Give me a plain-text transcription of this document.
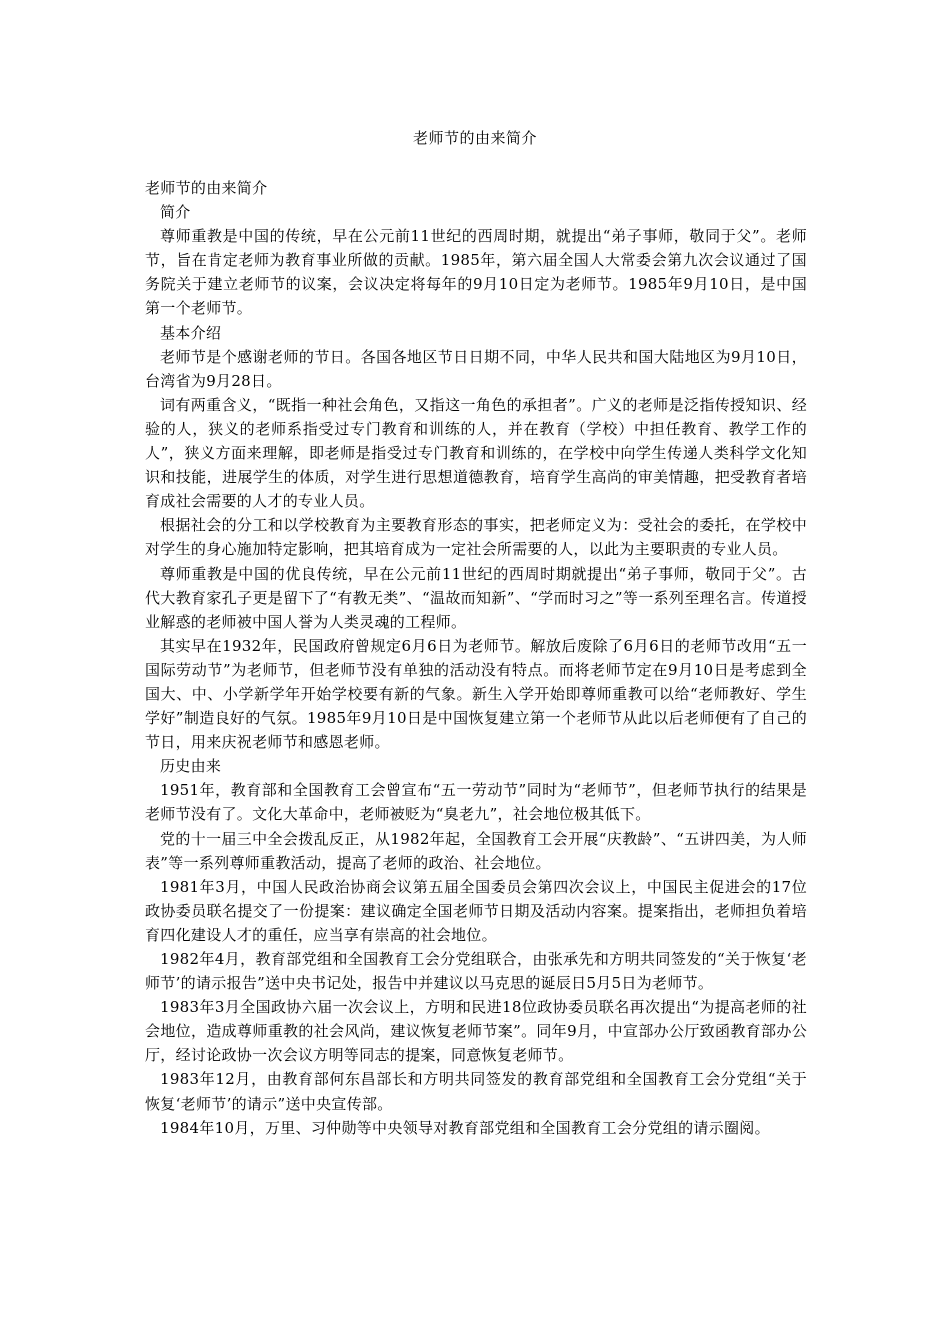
老师节的由来简介

老师节的由来简介

简介

尊师重教是中国的传统，早在公元前11世纪的西周时期，就提出“弟子事师，敬同于父”。老师节，旨在肯定老师为教育事业所做的贡献。1985年，第六届全国人大常委会第九次会议通过了国务院关于建立老师节的议案，会议决定将每年的9月10日定为老师节。1985年9月10日，是中国第一个老师节。

基本介绍

老师节是个感谢老师的节日。各国各地区节日日期不同，中华人民共和国大陆地区为9月10日，台湾省为9月28日。

词有两重含义，“既指一种社会角色，又指这一角色的承担者”。广义的老师是泛指传授知识、经验的人，狭义的老师系指受过专门教育和训练的人，并在教育（学校）中担任教育、教学工作的人”，狭义方面来理解，即老师是指受过专门教育和训练的，在学校中向学生传递人类科学文化知识和技能，进展学生的体质，对学生进行思想道德教育，培育学生高尚的审美情趣，把受教育者培育成社会需要的人才的专业人员。

根据社会的分工和以学校教育为主要教育形态的事实，把老师定义为：受社会的委托，在学校中对学生的身心施加特定影响，把其培育成为一定社会所需要的人，以此为主要职责的专业人员。

尊师重教是中国的优良传统，早在公元前11世纪的西周时期就提出“弟子事师，敬同于父”。古代大教育家孔子更是留下了“有教无类”、“温故而知新”、“学而时习之”等一系列至理名言。传道授业解惑的老师被中国人誉为人类灵魂的工程师。

其实早在1932年，民国政府曾规定6月6日为老师节。解放后废除了6月6日的老师节改用“五一国际劳动节”为老师节，但老师节没有单独的活动没有特点。而将老师节定在9月10日是考虑到全国大、中、小学新学年开始学校要有新的气象。新生入学开始即尊师重教可以给“老师教好、学生学好”制造良好的气氛。1985年9月10日是中国恢复建立第一个老师节从此以后老师便有了自己的节日，用来庆祝老师节和感恩老师。

历史由来

1951年，教育部和全国教育工会曾宣布“五一劳动节”同时为“老师节”，但老师节执行的结果是老师节没有了。文化大革命中，老师被贬为“臭老九”，社会地位极其低下。

党的十一届三中全会拨乱反正，从1982年起，全国教育工会开展“庆教龄”、“五讲四美，为人师表”等一系列尊师重教活动，提高了老师的政治、社会地位。

1981年3月，中国人民政治协商会议第五届全国委员会第四次会议上，中国民主促进会的17位政协委员联名提交了一份提案：建议确定全国老师节日期及活动内容案。提案指出，老师担负着培育四化建设人才的重任，应当享有崇高的社会地位。

1982年4月，教育部党组和全国教育工会分党组联合，由张承先和方明共同签发的“关于恢复‘老师节’的请示报告”送中央书记处，报告中并建议以马克思的诞辰日5月5日为老师节。

1983年3月全国政协六届一次会议上，方明和民进18位政协委员联名再次提出“为提高老师的社会地位，造成尊师重教的社会风尚，建议恢复老师节案”。同年9月，中宣部办公厅致函教育部办公厅，经讨论政协一次会议方明等同志的提案，同意恢复老师节。

1983年12月，由教育部何东昌部长和方明共同签发的教育部党组和全国教育工会分党组“关于恢复‘老师节’的请示”送中央宣传部。

1984年10月，万里、习仲勋等中央领导对教育部党组和全国教育工会分党组的请示圈阅。
